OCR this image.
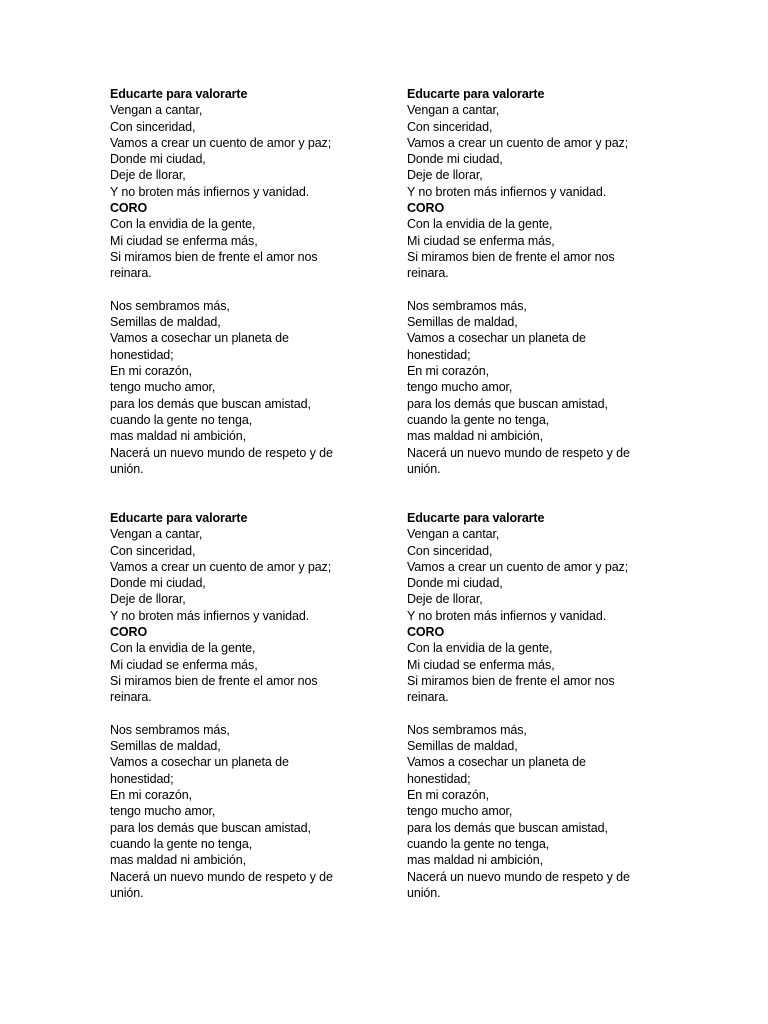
Educarte para valorarte
Vengan a cantar,
Con sinceridad,
Vamos a crear un cuento de amor y paz;
Donde mi ciudad,
Deje de llorar,
Y no broten más infiernos y vanidad.
CORO
Con la envidia de la gente,
Mi ciudad se enferma más,
Si miramos bien de frente el amor nos
reinara.
Nos sembramos más,
Semillas de maldad,
Vamos a cosechar un planeta de
honestidad;
En mi corazón,
tengo mucho amor,
para los demás que buscan amistad,
cuando la gente no tenga,
mas maldad ni ambición,
Nacerá un nuevo mundo de respeto y de
unión.
Educarte para valorarte
Vengan a cantar,
Con sinceridad,
Vamos a crear un cuento de amor y paz;
Donde mi ciudad,
Deje de llorar,
Y no broten más infiernos y vanidad.
CORO
Con la envidia de la gente,
Mi ciudad se enferma más,
Si miramos bien de frente el amor nos
reinara.
Nos sembramos más,
Semillas de maldad,
Vamos a cosechar un planeta de
honestidad;
En mi corazón,
tengo mucho amor,
para los demás que buscan amistad,
cuando la gente no tenga,
mas maldad ni ambición,
Nacerá un nuevo mundo de respeto y de
unión.
Educarte para valorarte
Vengan a cantar,
Con sinceridad,
Vamos a crear un cuento de amor y paz;
Donde mi ciudad,
Deje de llorar,
Y no broten más infiernos y vanidad.
CORO
Con la envidia de la gente,
Mi ciudad se enferma más,
Si miramos bien de frente el amor nos
reinara.
Nos sembramos más,
Semillas de maldad,
Vamos a cosechar un planeta de
honestidad;
En mi corazón,
tengo mucho amor,
para los demás que buscan amistad,
cuando la gente no tenga,
mas maldad ni ambición,
Nacerá un nuevo mundo de respeto y de
unión.
Educarte para valorarte
Vengan a cantar,
Con sinceridad,
Vamos a crear un cuento de amor y paz;
Donde mi ciudad,
Deje de llorar,
Y no broten más infiernos y vanidad.
CORO
Con la envidia de la gente,
Mi ciudad se enferma más,
Si miramos bien de frente el amor nos
reinara.
Nos sembramos más,
Semillas de maldad,
Vamos a cosechar un planeta de
honestidad;
En mi corazón,
tengo mucho amor,
para los demás que buscan amistad,
cuando la gente no tenga,
mas maldad ni ambición,
Nacerá un nuevo mundo de respeto y de
unión.
